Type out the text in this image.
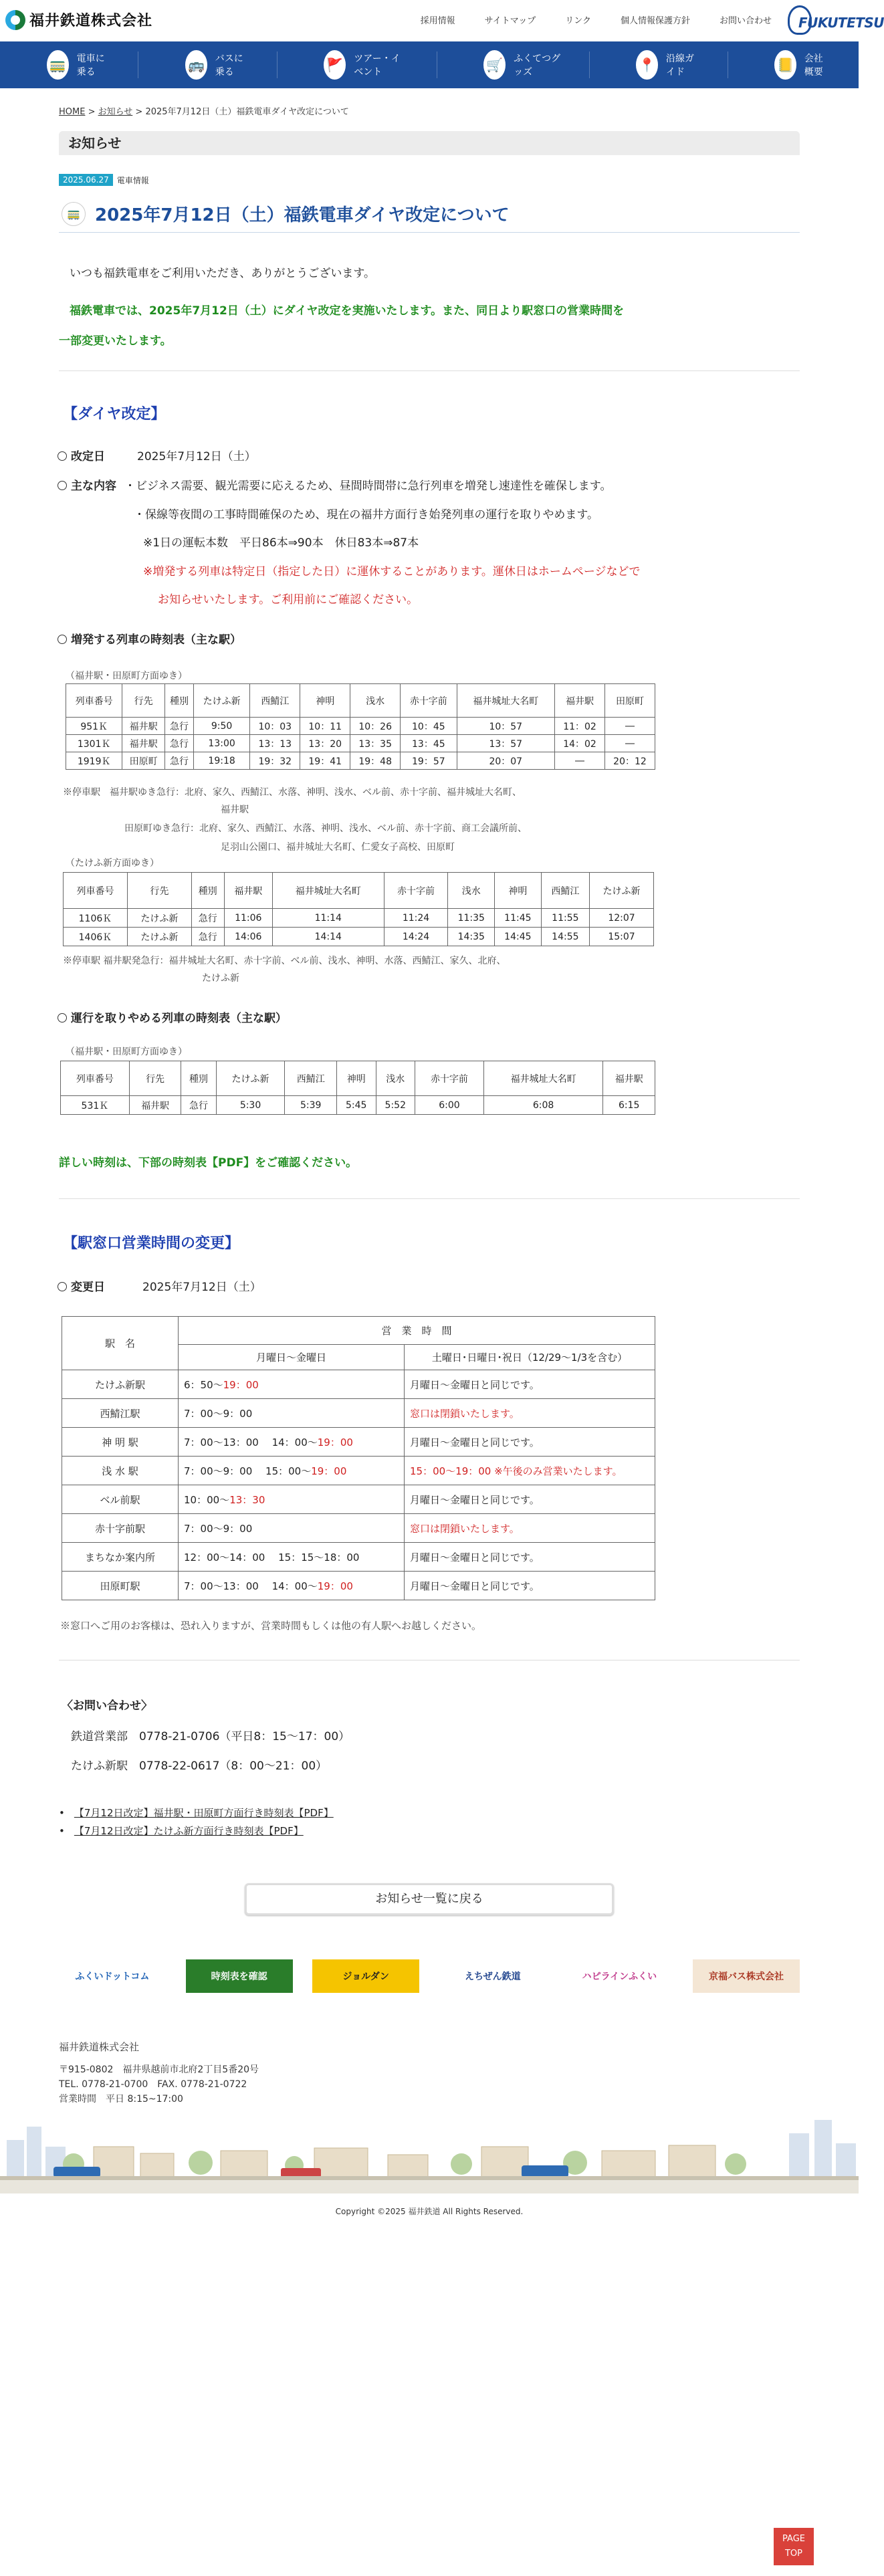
福井鉄道株式会社	採用情報	サイトマップ	リンク	個人情報保護方針	お問い合わせ FUKUTETSU
🚃 電車に乗る	🚌 バスに乗る	🚩 ツアー・イベント	🛒 ふくてつグッズ	📍 沿線ガイド	📒 会社概要
HOME > お知らせ > 2025年7月12日（土）福鉄電車ダイヤ改定について
お知らせ
2025.06.27	電車情報
🚃 2025年7月12日（土）福鉄電車ダイヤ改定について

いつも福鉄電車をご利用いただき、ありがとうございます。

福鉄電車では、2025年7月12日（土）にダイヤ改定を実施いたします。また、同日より駅窓口の営業時間を

一部変更いたします。

【ダイヤ改定】
改定日	2025年7月12日（土）
主な内容 ・ビジネス需要、観光需要に応えるため、昼間時間帯に急行列車を増発し速達性を確保します。

・保線等夜間の工事時間確保のため、現在の福井方面行き始発列車の運行を取りやめます。

※1日の運転本数　平日86本⇒90本　休日83本⇒87本

※増発する列車は特定日（指定した日）に運休することがあります。運休日はホームページなどで

お知らせいたします。ご利用前にご確認ください。

増発する列車の時刻表（主な駅）

（福井駅・田原町方面ゆき）

列車番号	行先	種別	たけふ新	西鯖江	神明	浅水	赤十字前	福井城址大名町	福井駅	田原町
951Ｋ	福井駅	急行	9:50	10：03	10：11	10：26	10：45	10：57	11：02	―
1301Ｋ	福井駅	急行	13:00	13：13	13：20	13：35	13：45	13：57	14：02	―
1919Ｋ	田原町	急行	19:18	19：32	19：41	19：48	19：57	20：07	―	20：12

※停車駅　福井駅ゆき急行：北府、家久、西鯖江、水落、神明、浅水、ベル前、赤十字前、福井城址大名町、

福井駅

田原町ゆき急行：北府、家久、西鯖江、水落、神明、浅水、ベル前、赤十字前、商工会議所前、

足羽山公園口、福井城址大名町、仁愛女子高校、田原町

（たけふ新方面ゆき）

列車番号	行先	種別	福井駅	福井城址大名町	赤十字前	浅水	神明	西鯖江	たけふ新
1106Ｋ	たけふ新	急行	11:06	11:14	11:24	11:35	11:45	11:55	12:07
1406Ｋ	たけふ新	急行	14:06	14:14	14:24	14:35	14:45	14:55	15:07

※停車駅 福井駅発急行：福井城址大名町、赤十字前、ベル前、浅水、神明、水落、西鯖江、家久、北府、

たけふ新

運行を取りやめる列車の時刻表（主な駅）

（福井駅・田原町方面ゆき）

列車番号	行先	種別	たけふ新	西鯖江	神明	浅水	赤十字前	福井城址大名町	福井駅
531Ｋ	福井駅	急行	5:30	5:39	5:45	5:52	6:00	6:08	6:15

詳しい時刻は、下部の時刻表【PDF】をご確認ください。

【駅窓口営業時間の変更】
変更日	2025年7月12日（土）
駅　名	営　業　時　間	
	月曜日～金曜日	土曜日･日曜日･祝日（12/29～1/3を含む）
たけふ新駅	6：50～19：00	月曜日～金曜日と同じです。
西鯖江駅	7：00～9：00	窓口は閉鎖いたします。
神 明 駅	7：00～13：00　 14：00～19：00	月曜日～金曜日と同じです。
浅 水 駅	7：00～9：00　 15：00～19：00	15：00～19：00 ※午後のみ営業いたします。
ベル前駅	10：00～13：30	月曜日～金曜日と同じです。
赤十字前駅	7：00～9：00	窓口は閉鎖いたします。
まちなか案内所	12：00～14：00　 15：15～18：00	月曜日～金曜日と同じです。
田原町駅	7：00～13：00　 14：00～19：00	月曜日～金曜日と同じです。

※窓口へご用のお客様は、恐れ入りますが、営業時間もしくは他の有人駅へお越しください。

〈お問い合わせ〉

鉄道営業部　0778-21-0706（平日8：15～17：00）

たけふ新駅　0778-22-0617（8：00～21：00）

• 【7月12日改定】福井駅・田原町方面行き時刻表【PDF】
• 【7月12日改定】たけふ新方面行き時刻表【PDF】
お知らせ一覧に戻る
ふくいドットコム	時刻表を確認	ジョルダン	えちぜん鉄道	ハピラインふくい	京福バス株式会社

福井鉄道株式会社

〒915-0802　福井県越前市北府2丁目5番20号

TEL. 0778-21-0700　FAX. 0778-21-0722

営業時間　平日 8:15~17:00

Copyright ©2025 福井鉄道 All Rights Reserved.
PAGE
TOP
